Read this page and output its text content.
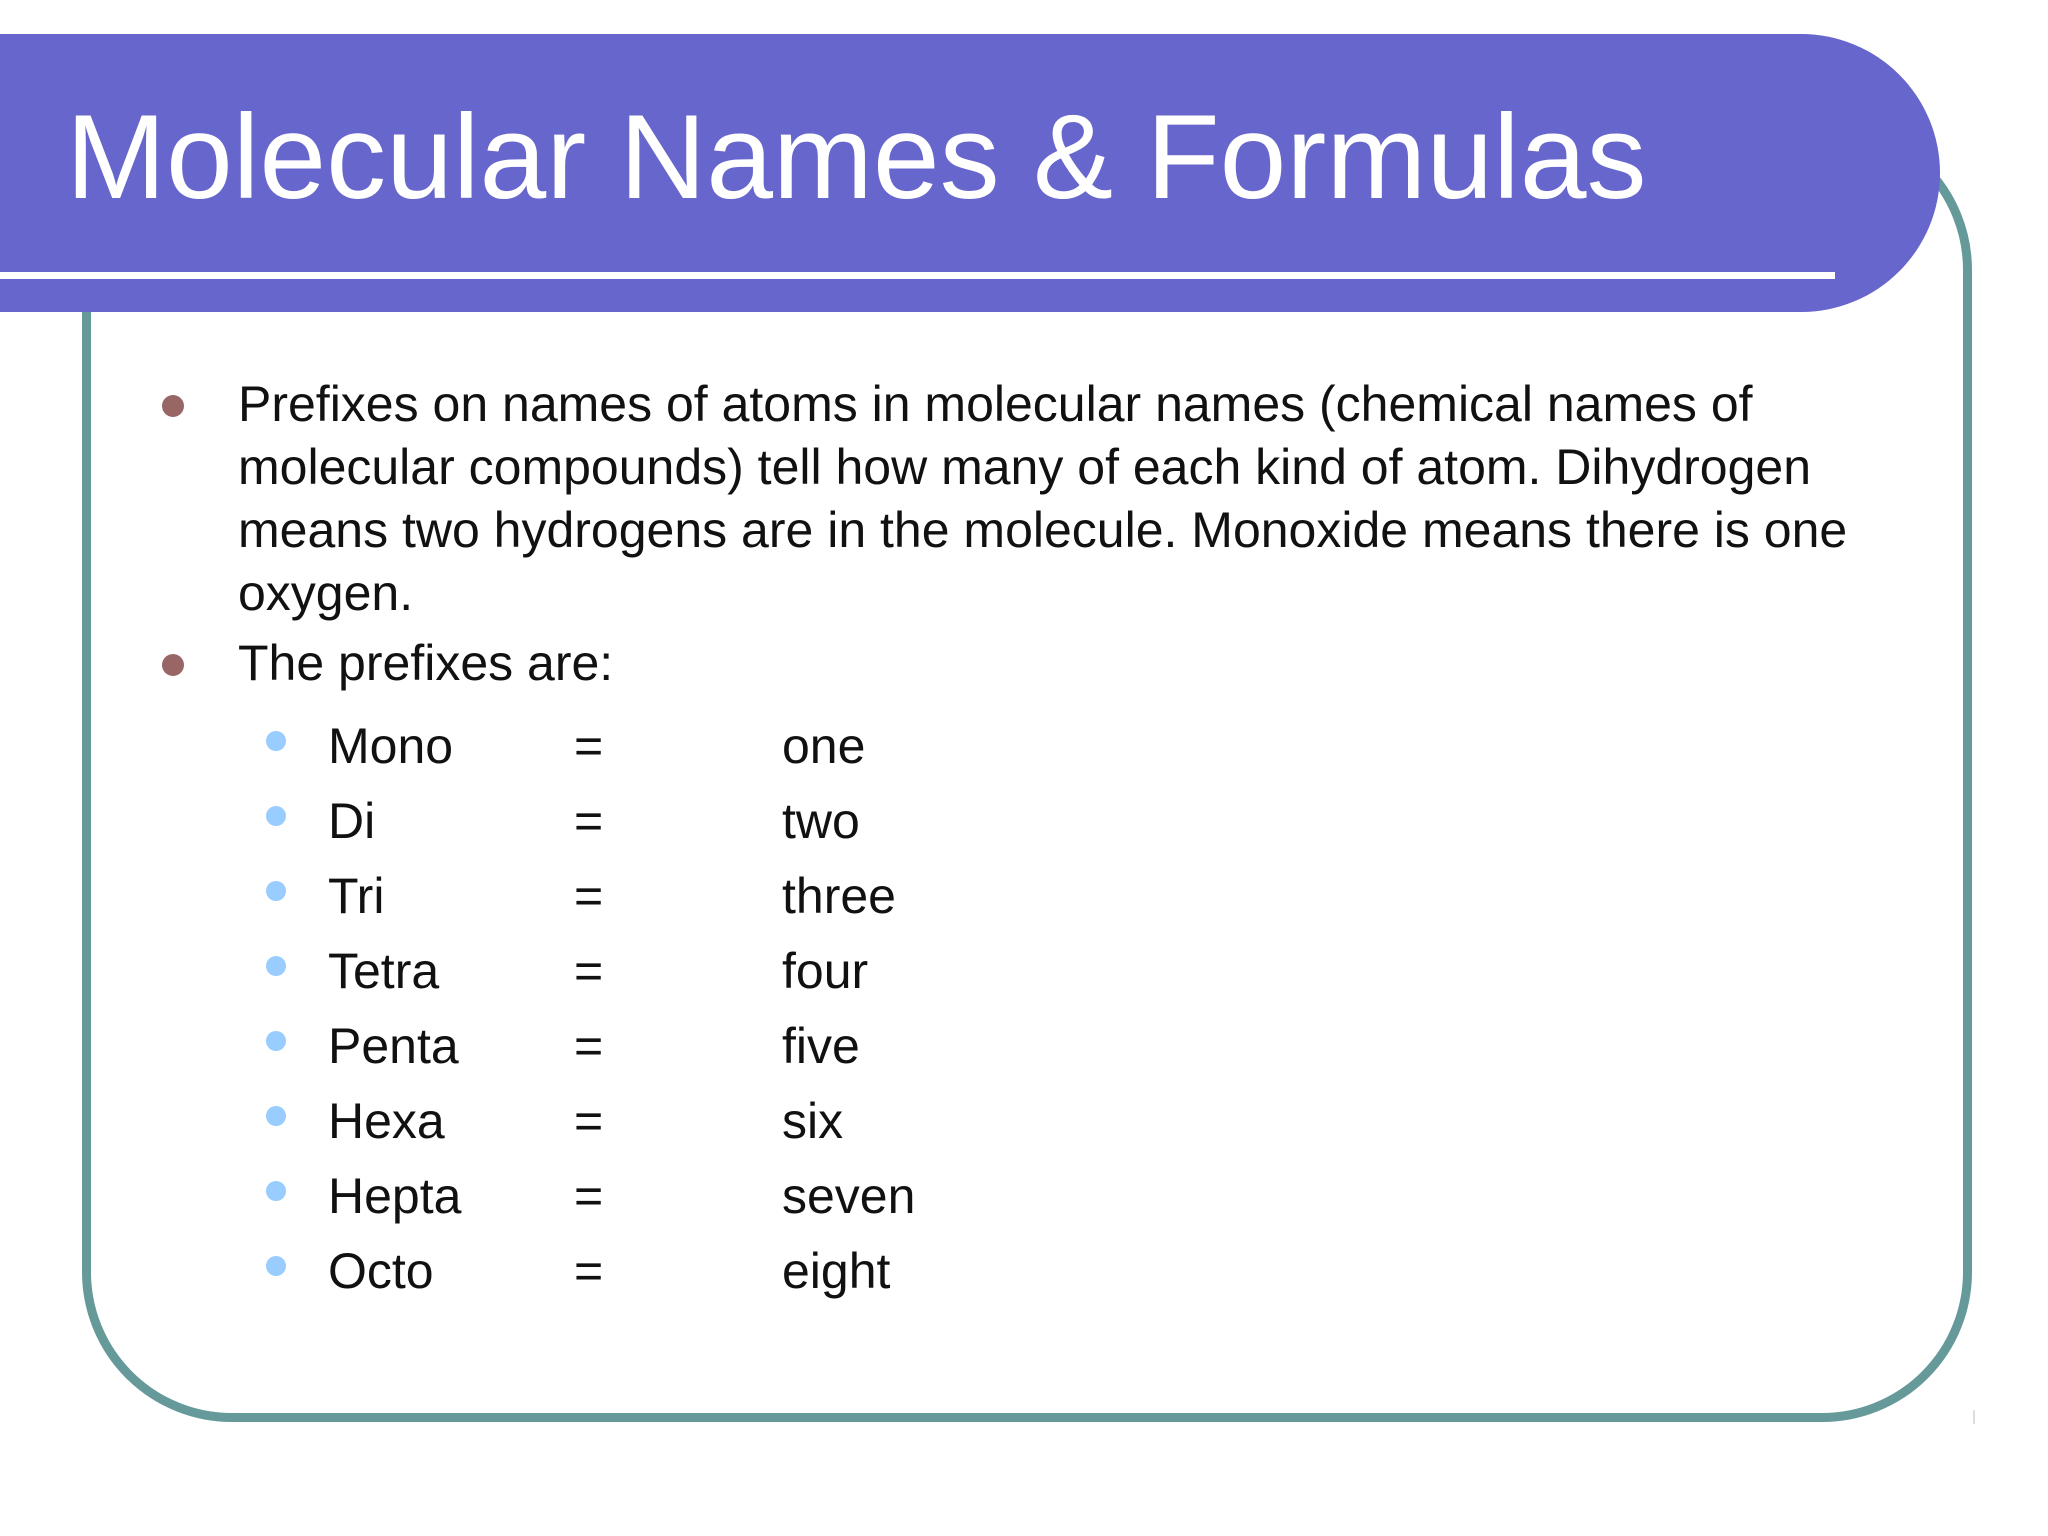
Molecular Names & Formulas
Prefixes on names of atoms in molecular names (chemical names of molecular compounds) tell how many of each kind of atom. Dihydrogen means two hydrogens are in the molecule. Monoxide means there is one oxygen.
The prefixes are:
Mono =	one
Di	=	two
Tri	=	three
Tetra	=	four
Penta =	five
Hexa	=	six
Hepta =	seven
Octo	=	eight
